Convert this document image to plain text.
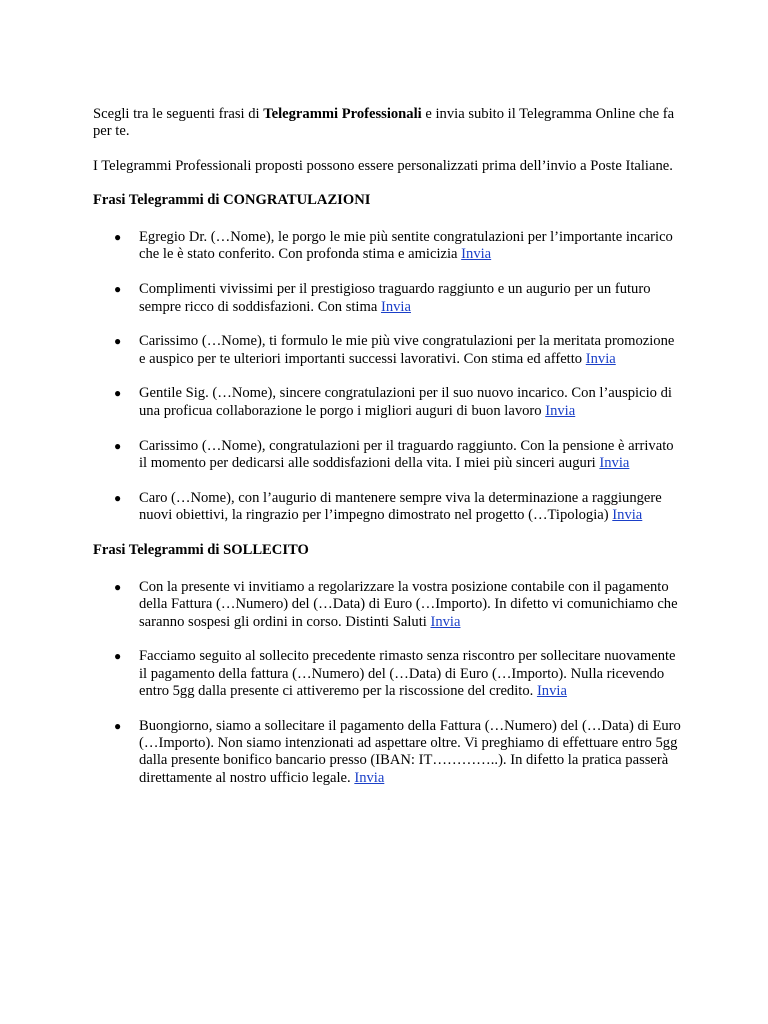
Scegli tra le seguenti frasi di Telegrammi Professionali e invia subito il Telegramma Online che fa per te.

I Telegrammi Professionali proposti possono essere personalizzati prima dell’invio a Poste Italiane.

Frasi Telegrammi di CONGRATULAZIONI

● Egregio Dr. (…Nome), le porgo le mie più sentite congratulazioni per l’importante incarico che le è stato conferito. Con profonda stima e amicizia Invia
● Complimenti vivissimi per il prestigioso traguardo raggiunto e un augurio per un futuro sempre ricco di soddisfazioni. Con stima Invia
● Carissimo (…Nome), ti formulo le mie più vive congratulazioni per la meritata promozione e auspico per te ulteriori importanti successi lavorativi. Con stima ed affetto Invia
● Gentile Sig. (…Nome), sincere congratulazioni per il suo nuovo incarico. Con l’auspicio di una proficua collaborazione le porgo i migliori auguri di buon lavoro Invia
● Carissimo (…Nome), congratulazioni per il traguardo raggiunto. Con la pensione è arrivato il momento per dedicarsi alle soddisfazioni della vita. I miei più sinceri auguri Invia
● Caro (…Nome), con l’augurio di mantenere sempre viva la determinazione a raggiungere nuovi obiettivi, la ringrazio per l’impegno dimostrato nel progetto (…Tipologia) Invia

Frasi Telegrammi di SOLLECITO

● Con la presente vi invitiamo a regolarizzare la vostra posizione contabile con il pagamento della Fattura (…Numero) del (…Data) di Euro (…Importo). In difetto vi comunichiamo che saranno sospesi gli ordini in corso. Distinti Saluti Invia
● Facciamo seguito al sollecito precedente rimasto senza riscontro per sollecitare nuovamente il pagamento della fattura (…Numero) del (…Data) di Euro (…Importo). Nulla ricevendo entro 5gg dalla presente ci attiveremo per la riscossione del credito. Invia
● Buongiorno, siamo a sollecitare il pagamento della Fattura (…Numero) del (…Data) di Euro (…Importo). Non siamo intenzionati ad aspettare oltre. Vi preghiamo di effettuare entro 5gg dalla presente bonifico bancario presso (IBAN: IT…………..). In difetto la pratica passerà direttamente al nostro ufficio legale. Invia
